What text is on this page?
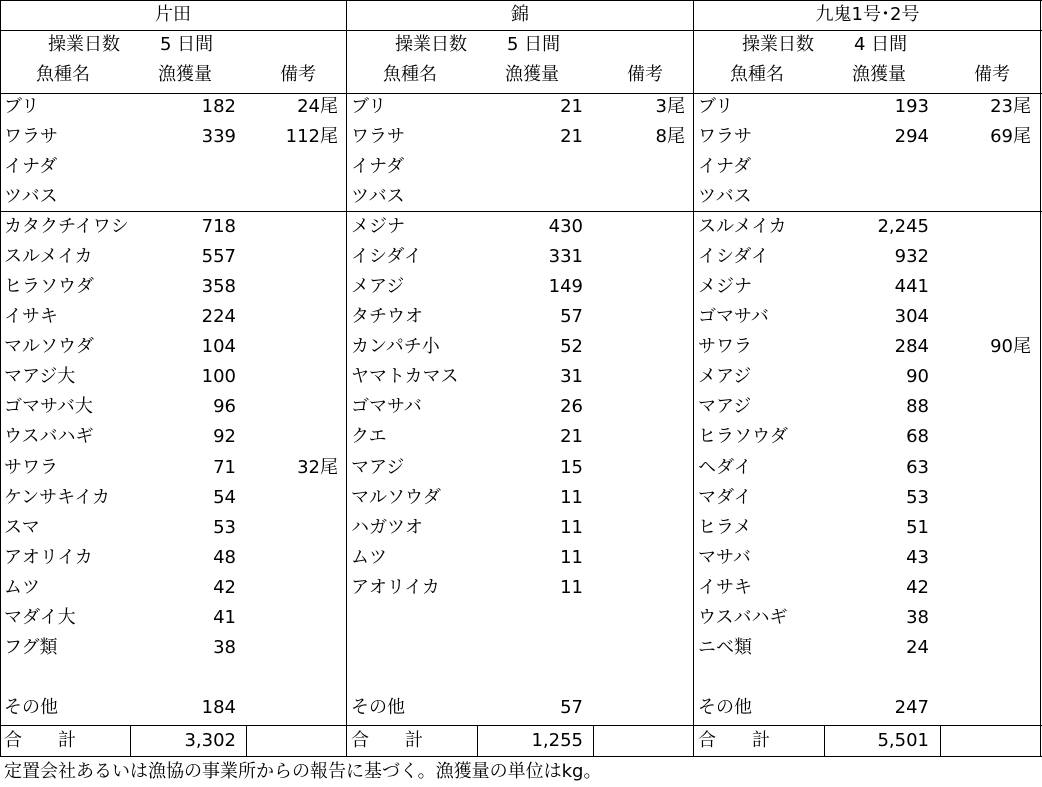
片田
操業日数 5 日間
魚種名	漁獲量	備考
ブリ	182	24尾
ワラサ	339	112尾
イナダ
ツバス
カタクチイワシ	718
スルメイカ	557
ヒラソウダ	358
イサキ	224
マルソウダ	104
マアジ大	100
ゴマサバ大	96
ウスバハギ	92
サワラ	71	32尾
ケンサキイカ	54
スマ	53
アオリイカ	48
ムツ	42
マダイ大	41
フグ類	38
その他	184
合　　計	3,302
錦
操業日数 5 日間
魚種名	漁獲量	備考
ブリ	21	3尾
ワラサ	21	8尾
イナダ
ツバス
メジナ	430
イシダイ	331
メアジ	149
タチウオ	57
カンパチ小	52
ヤマトカマス	31
ゴマサバ	26
クエ	21
マアジ	15
マルソウダ	11
ハガツオ	11
ムツ	11
アオリイカ	11
その他	57
合　　計	1,255
九鬼1号･2号
操業日数 4 日間
魚種名	漁獲量	備考
ブリ	193	23尾
ワラサ	294	69尾
イナダ
ツバス
スルメイカ	2,245
イシダイ	932
メジナ	441
ゴマサバ	304
サワラ	284	90尾
メアジ	90
マアジ	88
ヒラソウダ	68
ヘダイ	63
マダイ	53
ヒラメ	51
マサバ	43
イサキ	42
ウスバハギ	38
ニベ類	24
その他	247
合　　計	5,501
定置会社あるいは漁協の事業所からの報告に基づく。漁獲量の単位はkg。
